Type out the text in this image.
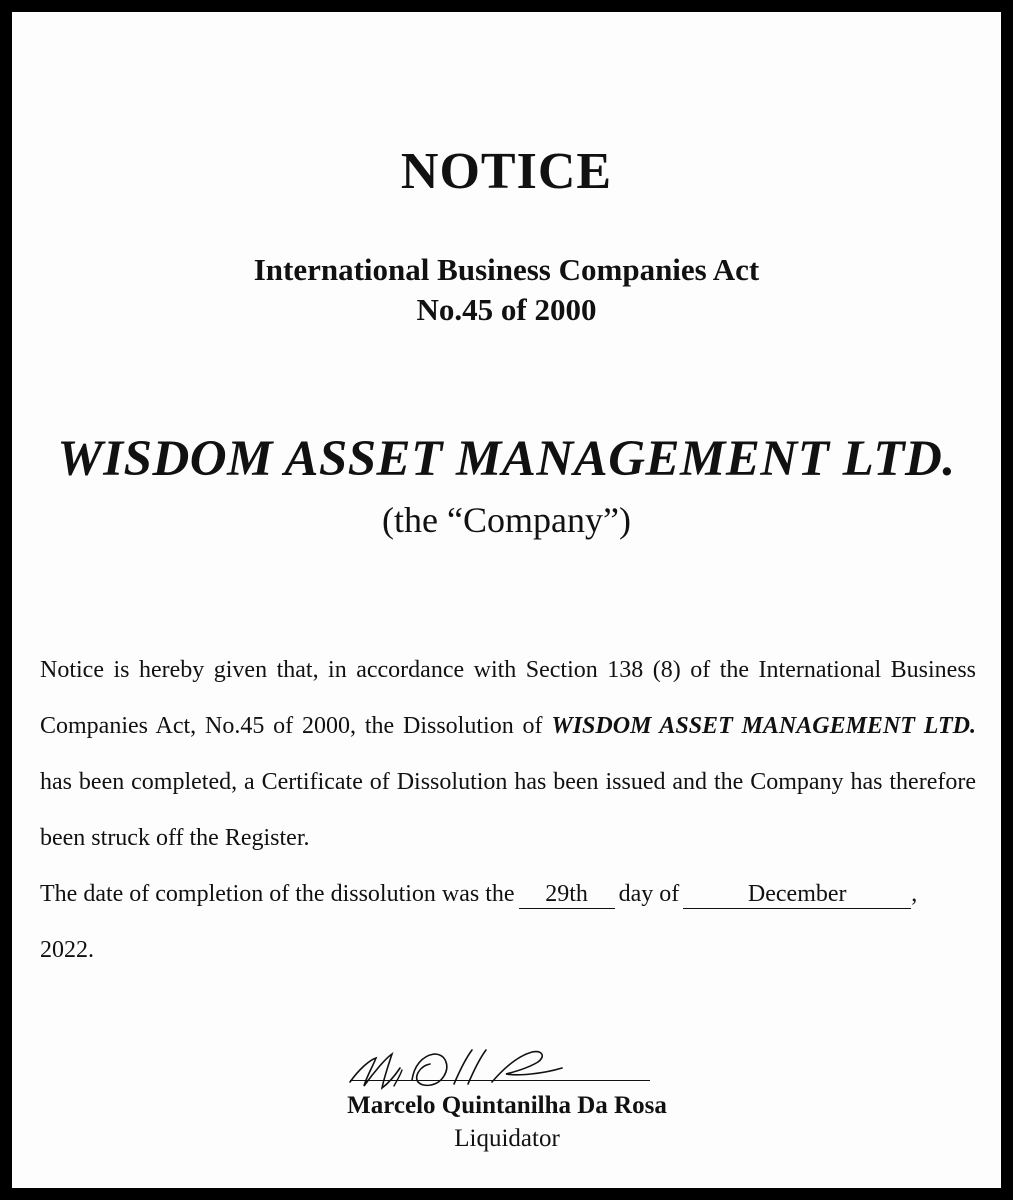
NOTICE
International Business Companies Act
No.45 of 2000
WISDOM ASSET MANAGEMENT LTD.
(the “Company”)

Notice is hereby given that, in accordance with Section 138 (8) of the International Business Companies Act, No.45 of 2000, the Dissolution of WISDOM ASSET MANAGEMENT LTD. has been completed, a Certificate of Dissolution has been issued and the Company has therefore been struck off the Register.

The date of completion of the dissolution was the 29th day of	December	,
2022.

Marcelo Quintanilha Da Rosa

Liquidator
